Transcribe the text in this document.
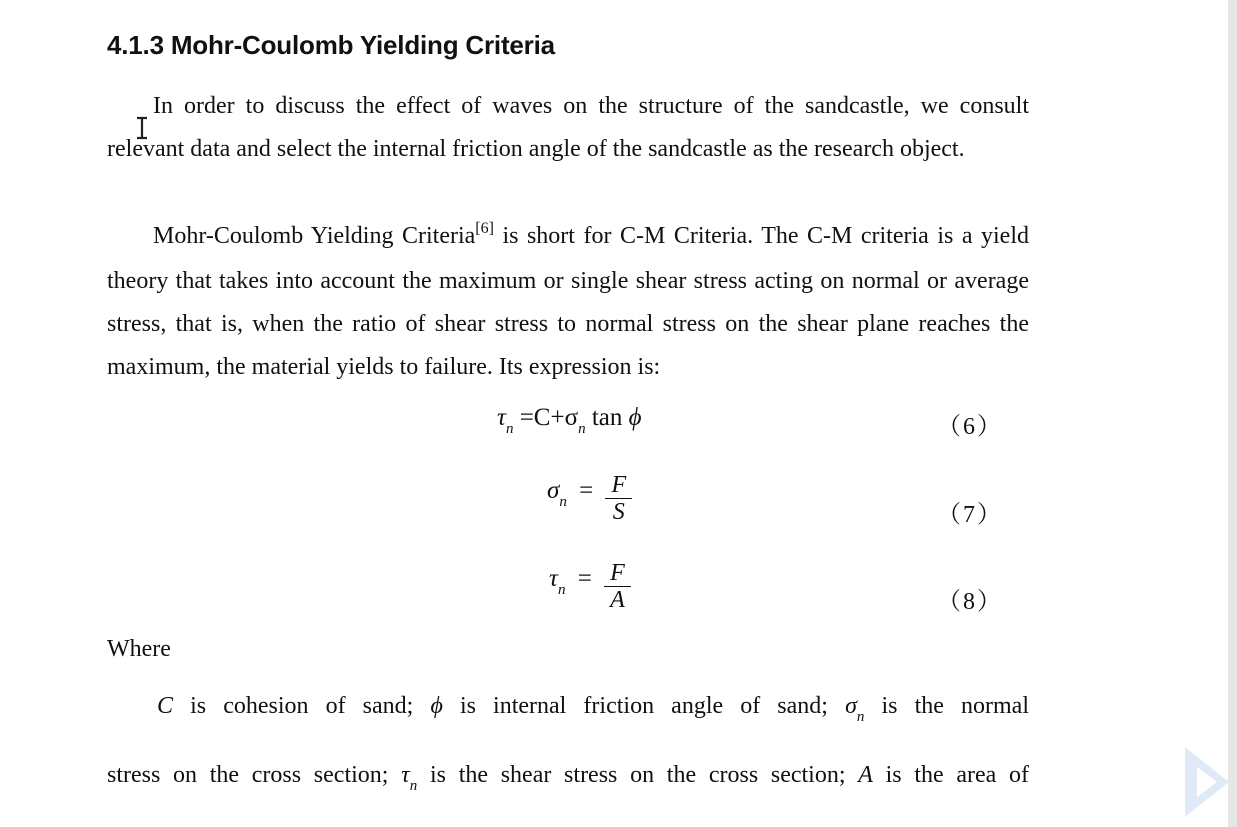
4.1.3 Mohr-Coulomb Yielding Criteria

In order to discuss the effect of waves on the structure of the sandcastle, we consult relevant data and select the internal friction angle of the sandcastle as the research object.

Mohr-Coulomb Yielding Criteria[6] is short for C-M Criteria. The C-M criteria is a yield theory that takes into account the maximum or single shear stress acting on normal or average stress, that is, when the ratio of shear stress to normal stress on the shear plane reaches the maximum, the material yields to failure. Its expression is:

$\tau_n =C+\sigma_n$ tan ϕ	（6）
$\sigma n = \frac{F}{S}$	（7）
$\tau n = \frac{F}{A}$	（8）

Where

C is cohesion of sand; ϕ is internal friction angle of sand; $\sigma_n$ is the normal

stress on the cross section; $\tau_n$ is the shear stress on the cross section; A is the area of
